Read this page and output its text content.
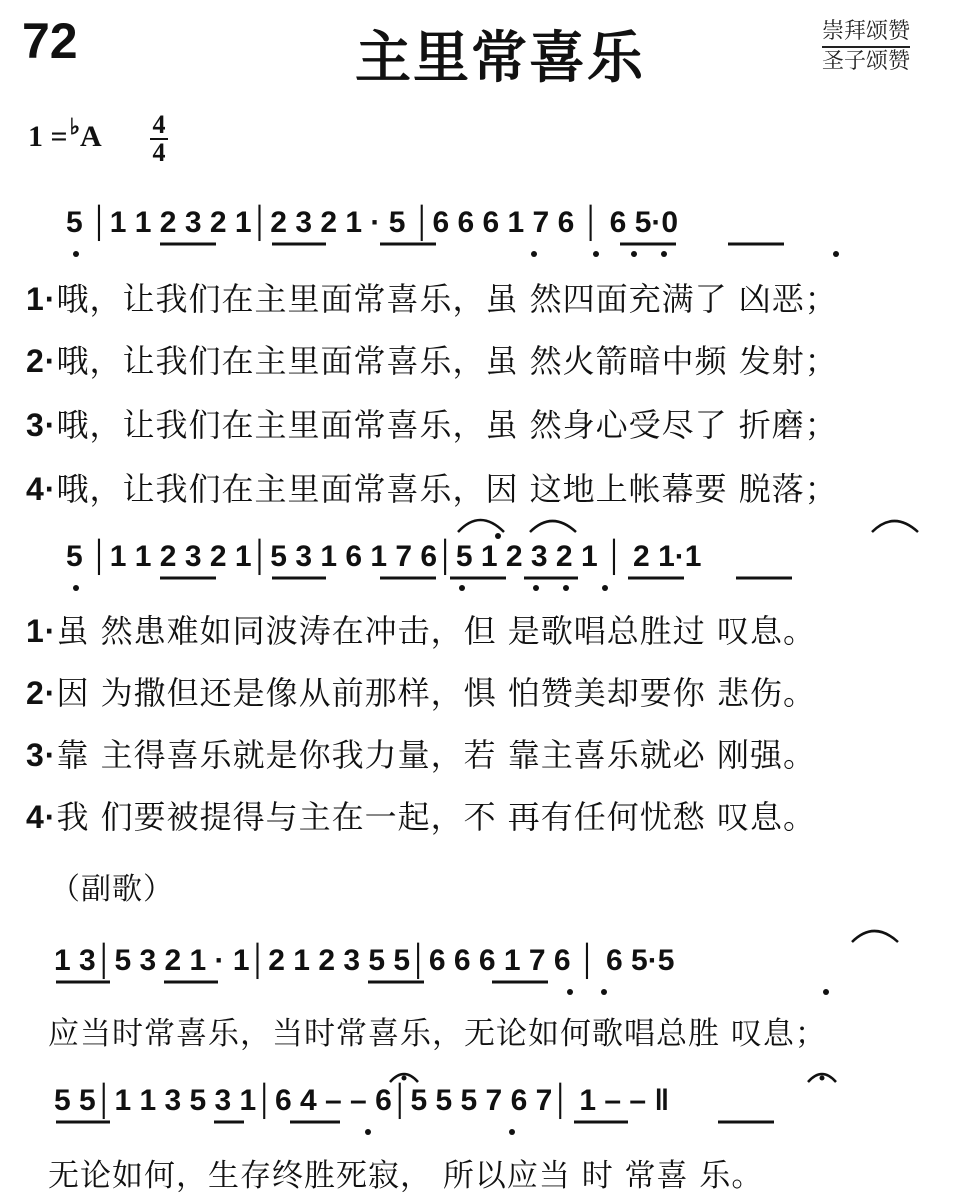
72	主里常喜乐	崇拜颂赞
圣子颂赞
1 =♭A 4
4
5 │1 1 2 3 2 1│2 3 2 1 · 5 │6 6 6 1 7 6 │ 6 5·0
1·哦，让我们在主里面常喜乐，虽 然四面充满了 凶恶；
2·哦，让我们在主里面常喜乐，虽 然火箭暗中频 发射；
3·哦，让我们在主里面常喜乐，虽 然身心受尽了 折磨；
4·哦，让我们在主里面常喜乐，因 这地上帐幕要 脱落；
5 │1 1 2 3 2 1│5 3 1 6 1 7 6│5 1 2 3 2 1 │ 2 1·1
1·虽 然患难如同波涛在冲击，但 是歌唱总胜过 叹息。
2·因 为撒但还是像从前那样，惧 怕赞美却要你 悲伤。
3·靠 主得喜乐就是你我力量，若 靠主喜乐就必 刚强。
4·我 们要被提得与主在一起，不 再有任何忧愁 叹息。
（副歌）
1 3│5 3 2 1 · 1│2 1 2 3 5 5│6 6 6 1 7 6 │ 6 5·5
应当时常喜乐，当时常喜乐，无论如何歌唱总胜 叹息；
5 5│1 1 3 5 3 1│6 4 – – 6│5 5 5 7 6 7│ 1 – – ‖
无论如何，生存终胜死寂， 所以应当 时 常喜 乐。
